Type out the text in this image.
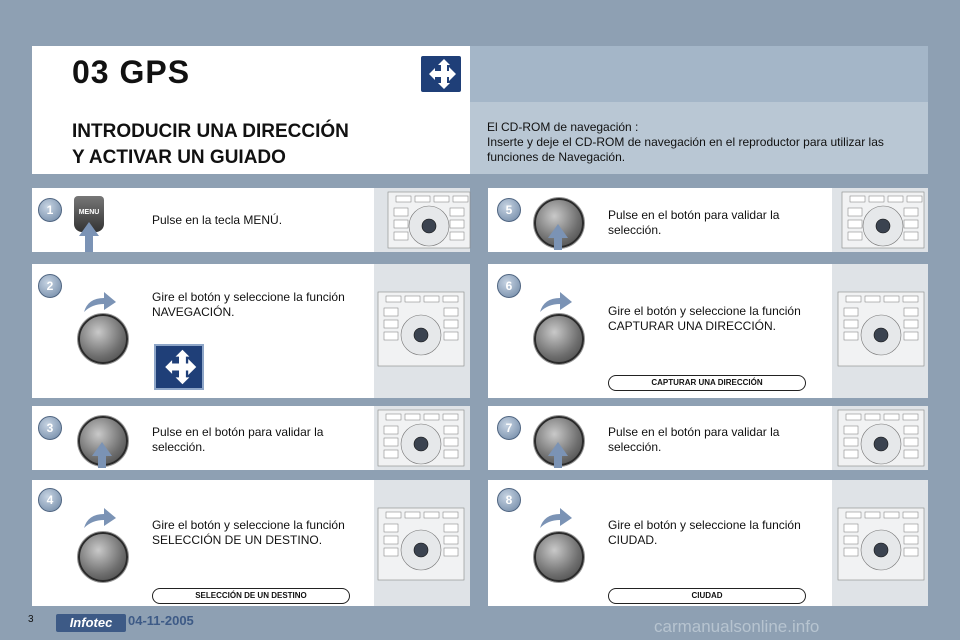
03 GPS
INTRODUCIR UNA DIRECCIÓN
Y ACTIVAR UN GUIADO
El CD-ROM de navegación :
Inserte y deje el CD-ROM de navegación en el reproductor para utilizar las funciones de Navegación.
1	MENU
Pulse en la tecla MENÚ.
2
Gire el botón y seleccione la función NAVEGACIÓN.
3	Pulse en el botón para validar la selección.
4
Gire el botón y seleccione la función SELECCIÓN DE UN DESTINO.
SELECCIÓN DE UN DESTINO
5	Pulse en el botón para validar la selección.
6
Gire el botón y seleccione la función CAPTURAR UNA DIRECCIÓN.
CAPTURAR UNA DIRECCIÓN
7	Pulse en el botón para validar la selección.
8
Gire el botón y seleccione la función CIUDAD.
CIUDAD
3	Infotec	04-11-2005	carmanualsonline.info
